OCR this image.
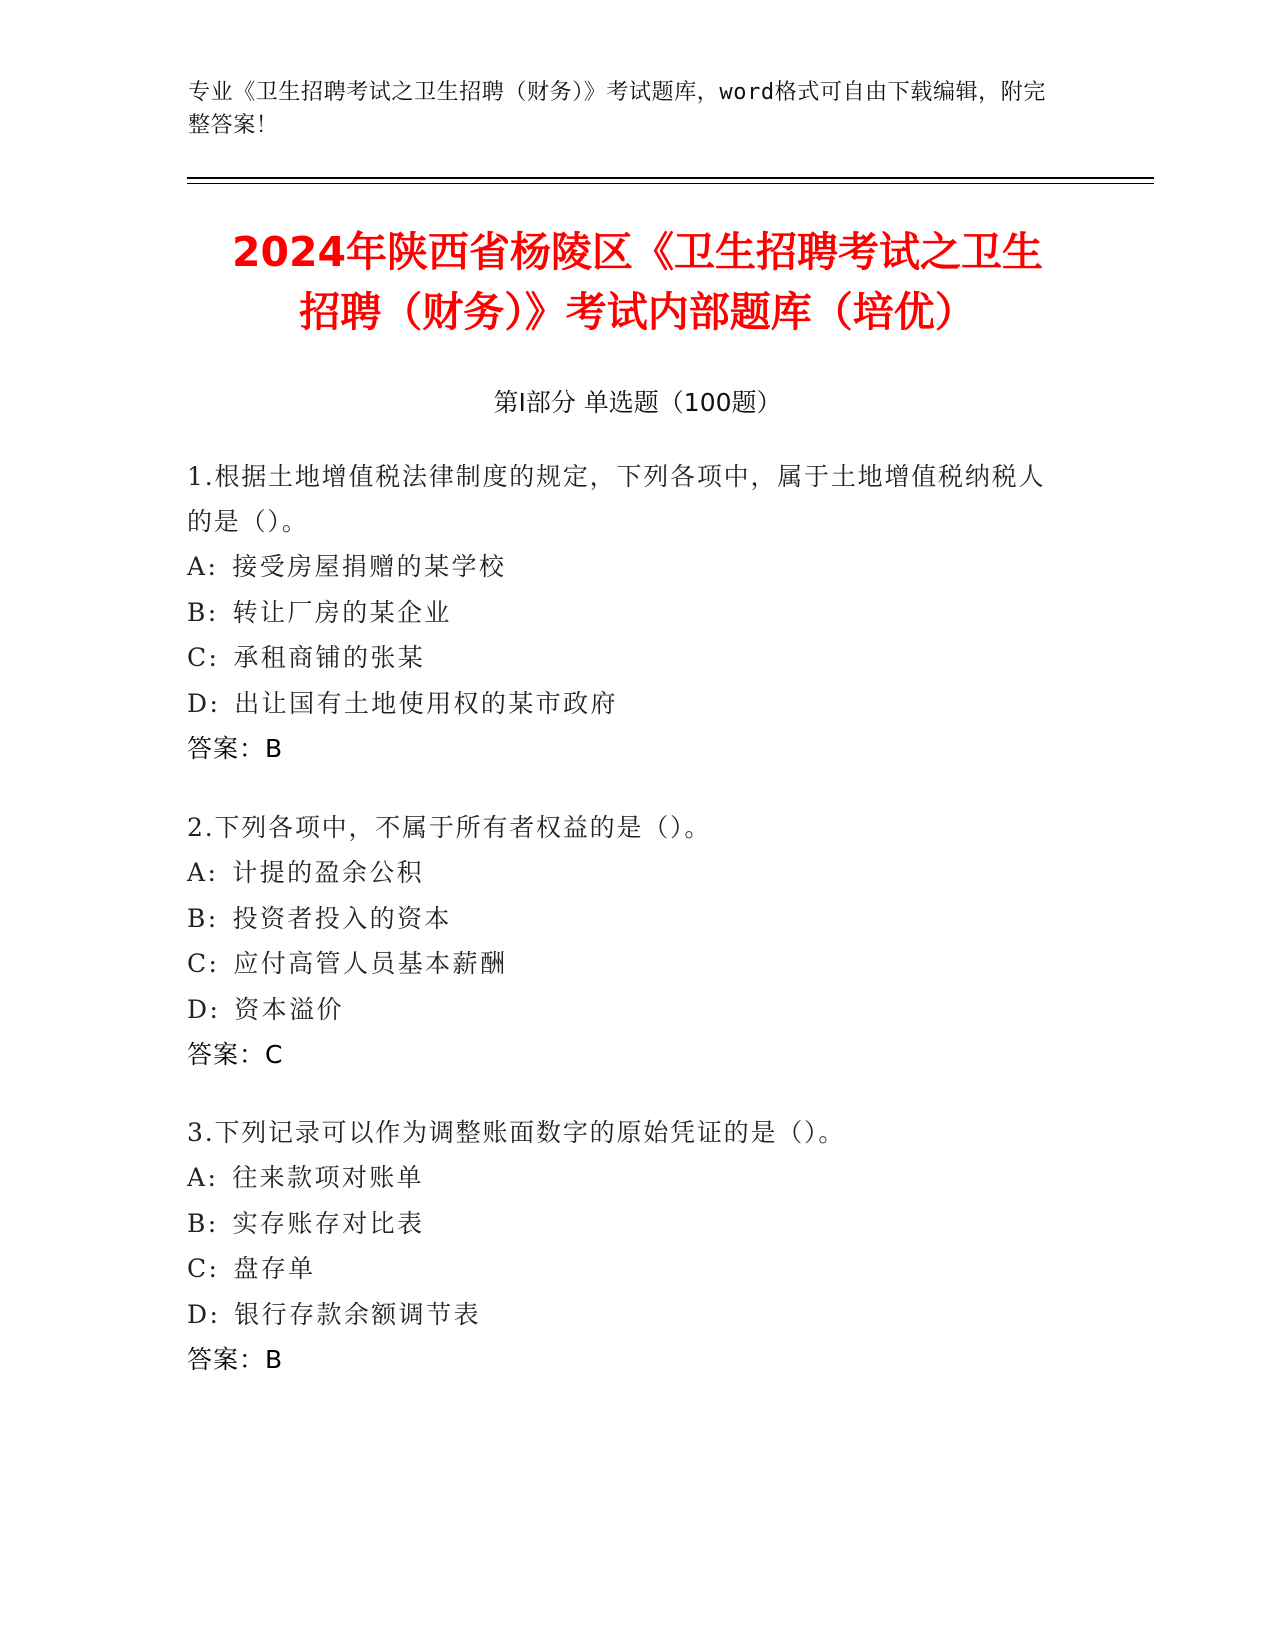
专业《卫生招聘考试之卫生招聘（财务）》考试题库，word格式可自由下载编辑，附完整答案！
2024年陕西省杨陵区《卫生招聘考试之卫生
招聘（财务）》考试内部题库（培优）
第Ⅰ部分 单选题（100题）
1.根据土地增值税法律制度的规定，下列各项中，属于土地增值税纳税人的是（）。
A: 接受房屋捐赠的某学校
B: 转让厂房的某企业
C: 承租商铺的张某
D: 出让国有土地使用权的某市政府
答案：B
2.下列各项中，不属于所有者权益的是（）。
A: 计提的盈余公积
B: 投资者投入的资本
C: 应付高管人员基本薪酬
D: 资本溢价
答案：C
3.下列记录可以作为调整账面数字的原始凭证的是（）。
A: 往来款项对账单
B: 实存账存对比表
C: 盘存单
D: 银行存款余额调节表
答案：B
